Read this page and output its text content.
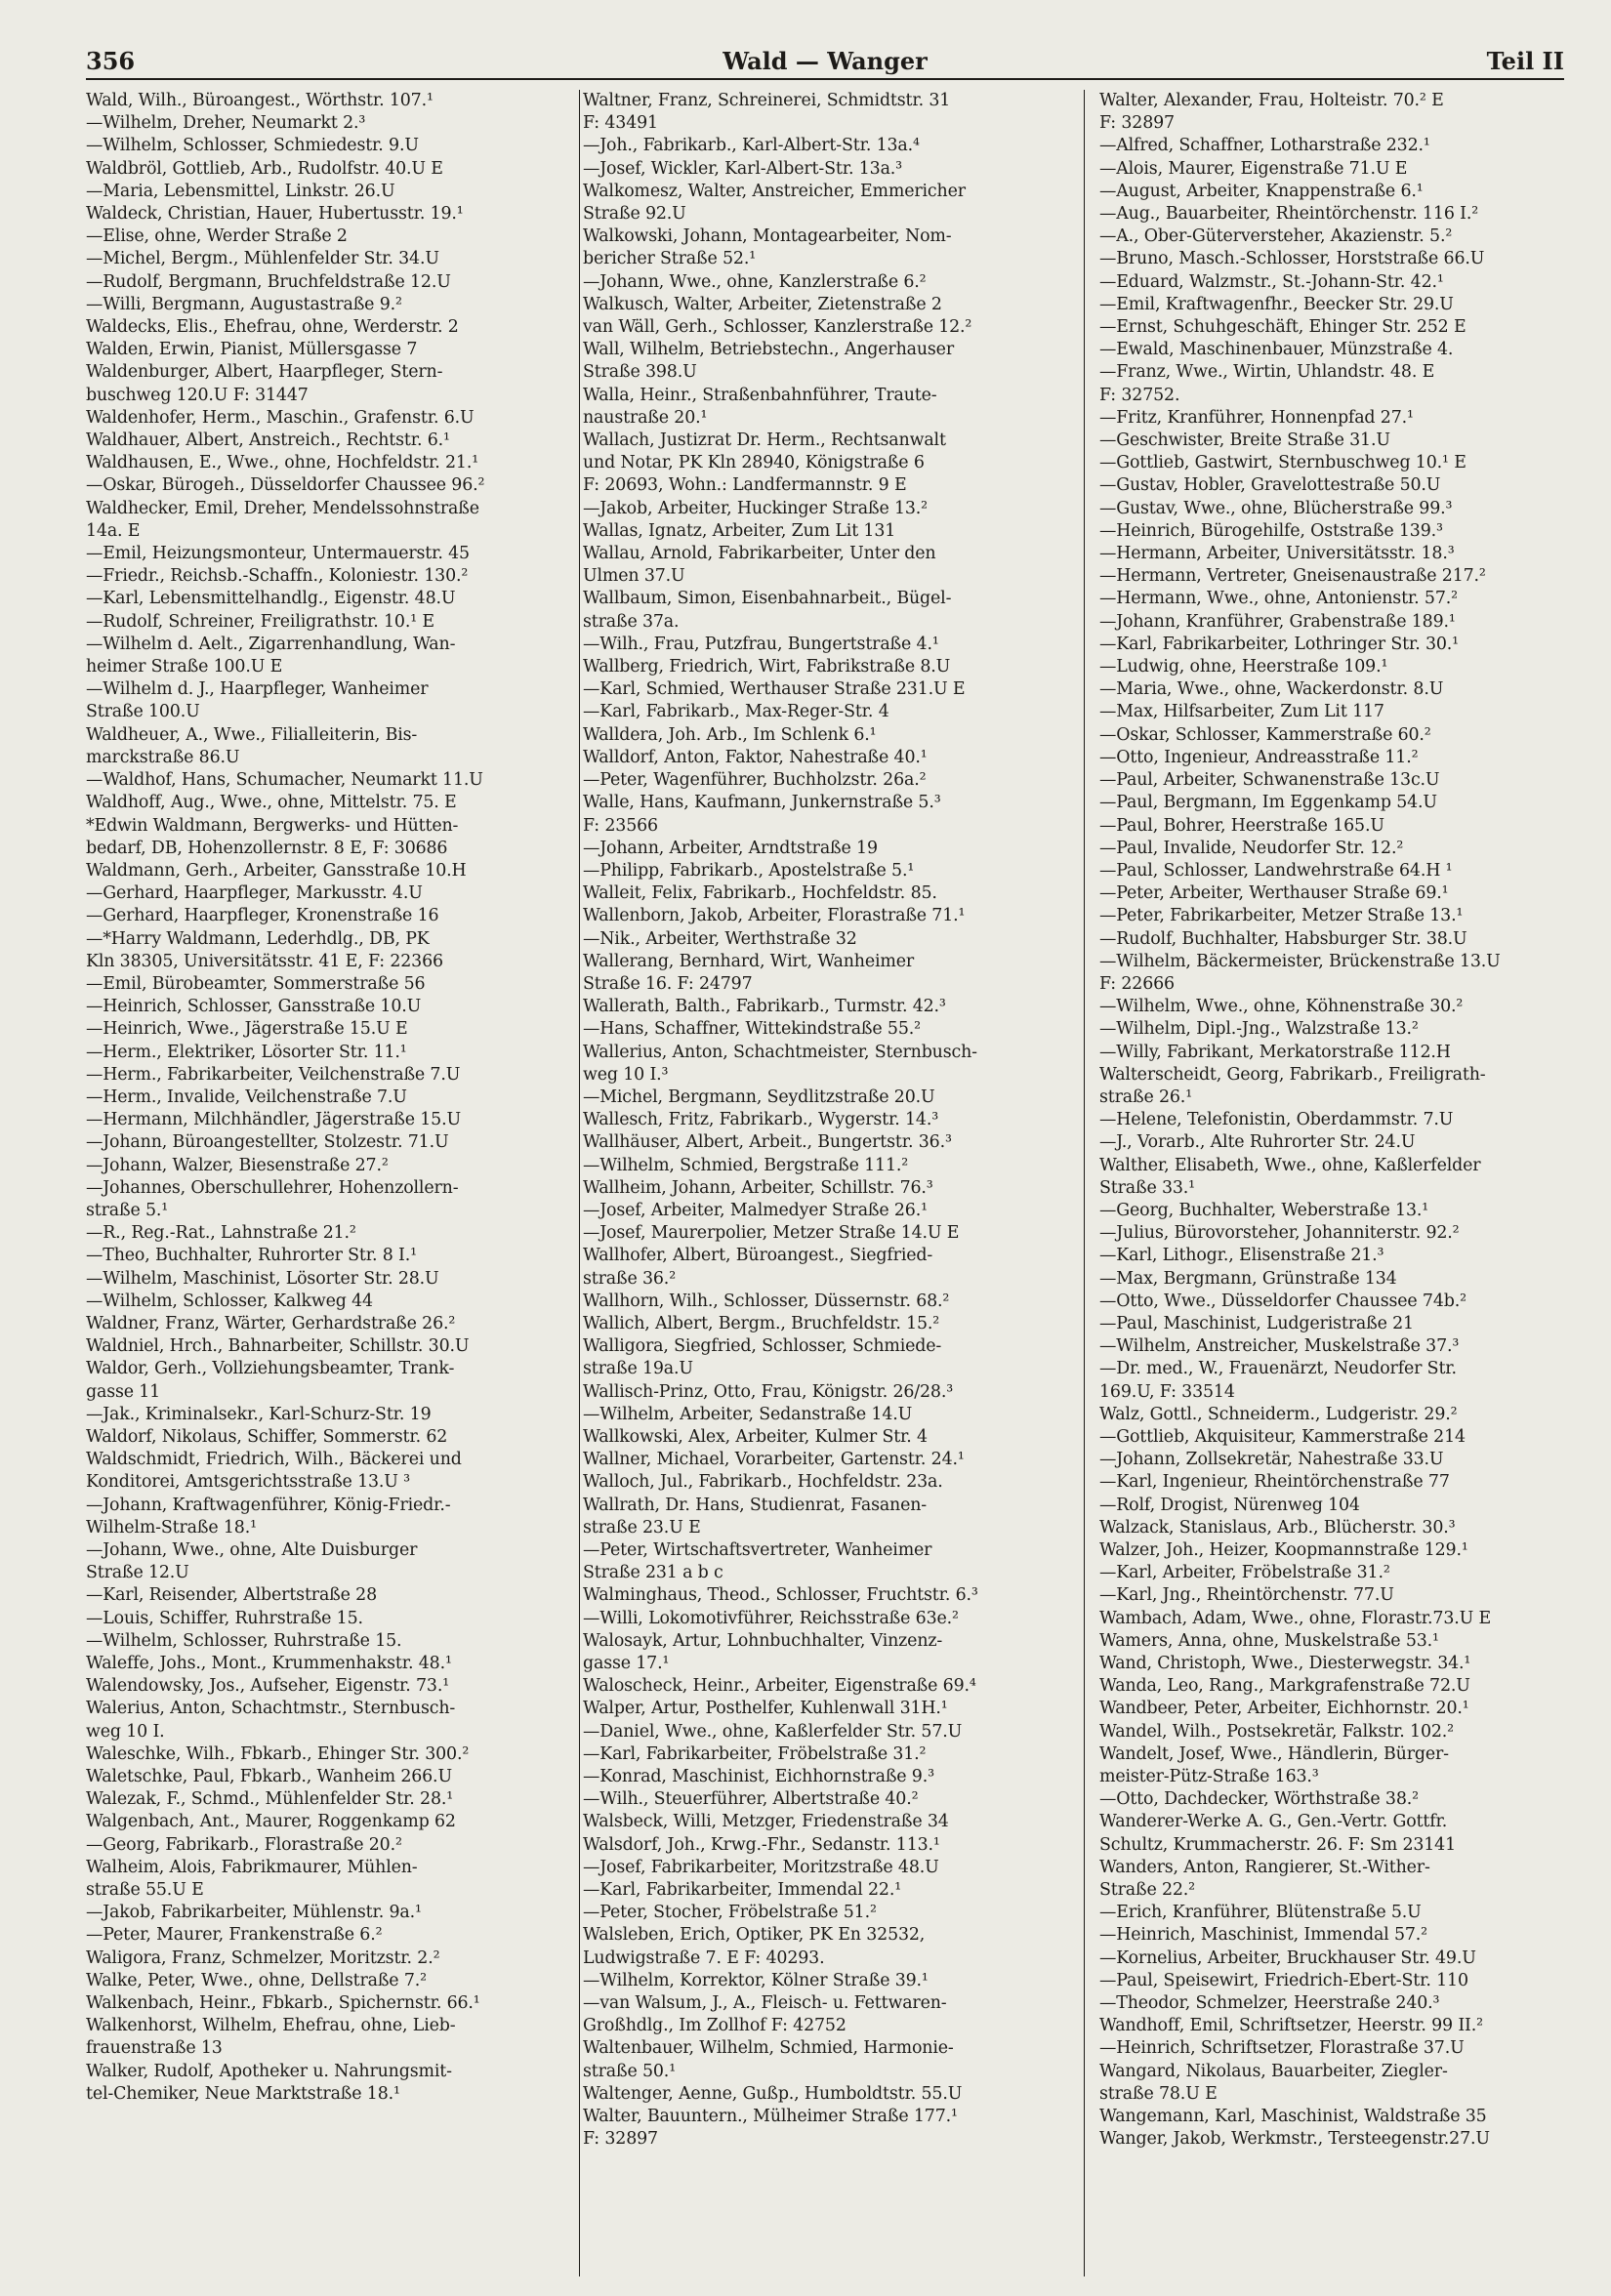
356	Wald — Wanger	Teil II
Wald, Wilh., Büroangest., Wörthstr. 107.¹
—Wilhelm, Dreher, Neumarkt 2.³
—Wilhelm, Schlosser, Schmiedestr. 9.U
Waldbröl, Gottlieb, Arb., Rudolfstr. 40.U E
—Maria, Lebensmittel, Linkstr. 26.U
Waldeck, Christian, Hauer, Hubertusstr. 19.¹
—Elise, ohne, Werder Straße 2
—Michel, Bergm., Mühlenfelder Str. 34.U
—Rudolf, Bergmann, Bruchfeldstraße 12.U
—Willi, Bergmann, Augustastraße 9.²
Waldecks, Elis., Ehefrau, ohne, Werderstr. 2
Walden, Erwin, Pianist, Müllersgasse 7
Waldenburger, Albert, Haarpfleger, Stern-
buschweg 120.U F: 31447
Waldenhofer, Herm., Maschin., Grafenstr. 6.U
Waldhauer, Albert, Anstreich., Rechtstr. 6.¹
Waldhausen, E., Wwe., ohne, Hochfeldstr. 21.¹
—Oskar, Bürogeh., Düsseldorfer Chaussee 96.²
Waldhecker, Emil, Dreher, Mendelssohnstraße
14a. E
—Emil, Heizungsmonteur, Untermauerstr. 45
—Friedr., Reichsb.-Schaffn., Koloniestr. 130.²
—Karl, Lebensmittelhandlg., Eigenstr. 48.U
—Rudolf, Schreiner, Freiligrathstr. 10.¹ E
—Wilhelm d. Aelt., Zigarrenhandlung, Wan-
heimer Straße 100.U E
—Wilhelm d. J., Haarpfleger, Wanheimer
Straße 100.U
Waldheuer, A., Wwe., Filialleiterin, Bis-
marckstraße 86.U
—Waldhof, Hans, Schumacher, Neumarkt 11.U
Waldhoff, Aug., Wwe., ohne, Mittelstr. 75. E
*Edwin Waldmann, Bergwerks- und Hütten-
bedarf, DB, Hohenzollernstr. 8 E, F: 30686
Waldmann, Gerh., Arbeiter, Gansstraße 10.H
—Gerhard, Haarpfleger, Markusstr. 4.U
—Gerhard, Haarpfleger, Kronenstraße 16
—*Harry Waldmann, Lederhdlg., DB, PK
Kln 38305, Universitätsstr. 41 E, F: 22366
—Emil, Bürobeamter, Sommerstraße 56
—Heinrich, Schlosser, Gansstraße 10.U
—Heinrich, Wwe., Jägerstraße 15.U E
—Herm., Elektriker, Lösorter Str. 11.¹
—Herm., Fabrikarbeiter, Veilchenstraße 7.U
—Herm., Invalide, Veilchenstraße 7.U
—Hermann, Milchhändler, Jägerstraße 15.U
—Johann, Büroangestellter, Stolzestr. 71.U
—Johann, Walzer, Biesenstraße 27.²
—Johannes, Oberschullehrer, Hohenzollern-
straße 5.¹
—R., Reg.-Rat., Lahnstraße 21.²
—Theo, Buchhalter, Ruhrorter Str. 8 I.¹
—Wilhelm, Maschinist, Lösorter Str. 28.U
—Wilhelm, Schlosser, Kalkweg 44
Waldner, Franz, Wärter, Gerhardstraße 26.²
Waldniel, Hrch., Bahnarbeiter, Schillstr. 30.U
Waldor, Gerh., Vollziehungsbeamter, Trank-
gasse 11
—Jak., Kriminalsekr., Karl-Schurz-Str. 19
Waldorf, Nikolaus, Schiffer, Sommerstr. 62
Waldschmidt, Friedrich, Wilh., Bäckerei und
Konditorei, Amtsgerichtsstraße 13.U ³
—Johann, Kraftwagenführer, König-Friedr.-
Wilhelm-Straße 18.¹
—Johann, Wwe., ohne, Alte Duisburger
Straße 12.U
—Karl, Reisender, Albertstraße 28
—Louis, Schiffer, Ruhrstraße 15.
—Wilhelm, Schlosser, Ruhrstraße 15.
Waleffe, Johs., Mont., Krummenhakstr. 48.¹
Walendowsky, Jos., Aufseher, Eigenstr. 73.¹
Walerius, Anton, Schachtmstr., Sternbusch-
weg 10 I.
Waleschke, Wilh., Fbkarb., Ehinger Str. 300.²
Waletschke, Paul, Fbkarb., Wanheim 266.U
Walezak, F., Schmd., Mühlenfelder Str. 28.¹
Walgenbach, Ant., Maurer, Roggenkamp 62
—Georg, Fabrikarb., Florastraße 20.²
Walheim, Alois, Fabrikmaurer, Mühlen-
straße 55.U E
—Jakob, Fabrikarbeiter, Mühlenstr. 9a.¹
—Peter, Maurer, Frankenstraße 6.²
Waligora, Franz, Schmelzer, Moritzstr. 2.²
Walke, Peter, Wwe., ohne, Dellstraße 7.²
Walkenbach, Heinr., Fbkarb., Spichernstr. 66.¹
Walkenhorst, Wilhelm, Ehefrau, ohne, Lieb-
frauenstraße 13
Walker, Rudolf, Apotheker u. Nahrungsmit-
tel-Chemiker, Neue Marktstraße 18.¹
Waltner, Franz, Schreinerei, Schmidtstr. 31
F: 43491
—Joh., Fabrikarb., Karl-Albert-Str. 13a.⁴
—Josef, Wickler, Karl-Albert-Str. 13a.³
Walkomesz, Walter, Anstreicher, Emmericher
Straße 92.U
Walkowski, Johann, Montagearbeiter, Nom-
bericher Straße 52.¹
—Johann, Wwe., ohne, Kanzlerstraße 6.²
Walkusch, Walter, Arbeiter, Zietenstraße 2
van Wäll, Gerh., Schlosser, Kanzlerstraße 12.²
Wall, Wilhelm, Betriebstechn., Angerhauser
Straße 398.U
Walla, Heinr., Straßenbahnführer, Traute-
naustraße 20.¹
Wallach, Justizrat Dr. Herm., Rechtsanwalt
und Notar, PK Kln 28940, Königstraße 6
F: 20693, Wohn.: Landfermannstr. 9 E
—Jakob, Arbeiter, Huckinger Straße 13.²
Wallas, Ignatz, Arbeiter, Zum Lit 131
Wallau, Arnold, Fabrikarbeiter, Unter den
Ulmen 37.U
Wallbaum, Simon, Eisenbahnarbeit., Bügel-
straße 37a.
—Wilh., Frau, Putzfrau, Bungertstraße 4.¹
Wallberg, Friedrich, Wirt, Fabrikstraße 8.U
—Karl, Schmied, Werthauser Straße 231.U E
—Karl, Fabrikarb., Max-Reger-Str. 4
Walldera, Joh. Arb., Im Schlenk 6.¹
Walldorf, Anton, Faktor, Nahestraße 40.¹
—Peter, Wagenführer, Buchholzstr. 26a.²
Walle, Hans, Kaufmann, Junkernstraße 5.³
F: 23566
—Johann, Arbeiter, Arndtstraße 19
—Philipp, Fabrikarb., Apostelstraße 5.¹
Walleit, Felix, Fabrikarb., Hochfeldstr. 85.
Wallenborn, Jakob, Arbeiter, Florastraße 71.¹
—Nik., Arbeiter, Werthstraße 32
Wallerang, Bernhard, Wirt, Wanheimer
Straße 16. F: 24797
Wallerath, Balth., Fabrikarb., Turmstr. 42.³
—Hans, Schaffner, Wittekindstraße 55.²
Wallerius, Anton, Schachtmeister, Sternbusch-
weg 10 I.³
—Michel, Bergmann, Seydlitzstraße 20.U
Wallesch, Fritz, Fabrikarb., Wygerstr. 14.³
Wallhäuser, Albert, Arbeit., Bungertstr. 36.³
—Wilhelm, Schmied, Bergstraße 111.²
Wallheim, Johann, Arbeiter, Schillstr. 76.³
—Josef, Arbeiter, Malmedyer Straße 26.¹
—Josef, Maurerpolier, Metzer Straße 14.U E
Wallhofer, Albert, Büroangest., Siegfried-
straße 36.²
Wallhorn, Wilh., Schlosser, Düssernstr. 68.²
Wallich, Albert, Bergm., Bruchfeldstr. 15.²
Walligora, Siegfried, Schlosser, Schmiede-
straße 19a.U
Wallisch-Prinz, Otto, Frau, Königstr. 26/28.³
—Wilhelm, Arbeiter, Sedanstraße 14.U
Wallkowski, Alex, Arbeiter, Kulmer Str. 4
Wallner, Michael, Vorarbeiter, Gartenstr. 24.¹
Walloch, Jul., Fabrikarb., Hochfeldstr. 23a.
Wallrath, Dr. Hans, Studienrat, Fasanen-
straße 23.U E
—Peter, Wirtschaftsvertreter, Wanheimer
Straße 231 a b c
Walminghaus, Theod., Schlosser, Fruchtstr. 6.³
—Willi, Lokomotivführer, Reichsstraße 63e.²
Walosayk, Artur, Lohnbuchhalter, Vinzenz-
gasse 17.¹
Waloscheck, Heinr., Arbeiter, Eigenstraße 69.⁴
Walper, Artur, Posthelfer, Kuhlenwall 31H.¹
—Daniel, Wwe., ohne, Kaßlerfelder Str. 57.U
—Karl, Fabrikarbeiter, Fröbelstraße 31.²
—Konrad, Maschinist, Eichhornstraße 9.³
—Wilh., Steuerführer, Albertstraße 40.²
Walsbeck, Willi, Metzger, Friedenstraße 34
Walsdorf, Joh., Krwg.-Fhr., Sedanstr. 113.¹
—Josef, Fabrikarbeiter, Moritzstraße 48.U
—Karl, Fabrikarbeiter, Immendal 22.¹
—Peter, Stocher, Fröbelstraße 51.²
Walsleben, Erich, Optiker, PK En 32532,
Ludwigstraße 7. E F: 40293.
—Wilhelm, Korrektor, Kölner Straße 39.¹
—van Walsum, J., A., Fleisch- u. Fettwaren-
Großhdlg., Im Zollhof F: 42752
Waltenbauer, Wilhelm, Schmied, Harmonie-
straße 50.¹
Waltenger, Aenne, Gußp., Humboldtstr. 55.U
Walter, Bauuntern., Mülheimer Straße 177.¹
F: 32897
Walter, Alexander, Frau, Holteistr. 70.² E
F: 32897
—Alfred, Schaffner, Lotharstraße 232.¹
—Alois, Maurer, Eigenstraße 71.U E
—August, Arbeiter, Knappenstraße 6.¹
—Aug., Bauarbeiter, Rheintörchenstr. 116 I.²
—A., Ober-Güterversteher, Akazienstr. 5.²
—Bruno, Masch.-Schlosser, Horststraße 66.U
—Eduard, Walzmstr., St.-Johann-Str. 42.¹
—Emil, Kraftwagenfhr., Beecker Str. 29.U
—Ernst, Schuhgeschäft, Ehinger Str. 252 E
—Ewald, Maschinenbauer, Münzstraße 4.
—Franz, Wwe., Wirtin, Uhlandstr. 48. E
F: 32752.
—Fritz, Kranführer, Honnenpfad 27.¹
—Geschwister, Breite Straße 31.U
—Gottlieb, Gastwirt, Sternbuschweg 10.¹ E
—Gustav, Hobler, Gravelottestraße 50.U
—Gustav, Wwe., ohne, Blücherstraße 99.³
—Heinrich, Bürogehilfe, Oststraße 139.³
—Hermann, Arbeiter, Universitätsstr. 18.³
—Hermann, Vertreter, Gneisenaustraße 217.²
—Hermann, Wwe., ohne, Antonienstr. 57.²
—Johann, Kranführer, Grabenstraße 189.¹
—Karl, Fabrikarbeiter, Lothringer Str. 30.¹
—Ludwig, ohne, Heerstraße 109.¹
—Maria, Wwe., ohne, Wackerdonstr. 8.U
—Max, Hilfsarbeiter, Zum Lit 117
—Oskar, Schlosser, Kammerstraße 60.²
—Otto, Ingenieur, Andreasstraße 11.²
—Paul, Arbeiter, Schwanenstraße 13c.U
—Paul, Bergmann, Im Eggenkamp 54.U
—Paul, Bohrer, Heerstraße 165.U
—Paul, Invalide, Neudorfer Str. 12.²
—Paul, Schlosser, Landwehrstraße 64.H ¹
—Peter, Arbeiter, Werthauser Straße 69.¹
—Peter, Fabrikarbeiter, Metzer Straße 13.¹
—Rudolf, Buchhalter, Habsburger Str. 38.U
—Wilhelm, Bäckermeister, Brückenstraße 13.U
F: 22666
—Wilhelm, Wwe., ohne, Köhnenstraße 30.²
—Wilhelm, Dipl.-Jng., Walzstraße 13.²
—Willy, Fabrikant, Merkatorstraße 112.H
Walterscheidt, Georg, Fabrikarb., Freiligrath-
straße 26.¹
—Helene, Telefonistin, Oberdammstr. 7.U
—J., Vorarb., Alte Ruhrorter Str. 24.U
Walther, Elisabeth, Wwe., ohne, Kaßlerfelder
Straße 33.¹
—Georg, Buchhalter, Weberstraße 13.¹
—Julius, Bürovorsteher, Johanniterstr. 92.²
—Karl, Lithogr., Elisenstraße 21.³
—Max, Bergmann, Grünstraße 134
—Otto, Wwe., Düsseldorfer Chaussee 74b.²
—Paul, Maschinist, Ludgeristraße 21
—Wilhelm, Anstreicher, Muskelstraße 37.³
—Dr. med., W., Frauenärzt, Neudorfer Str.
169.U, F: 33514
Walz, Gottl., Schneiderm., Ludgeristr. 29.²
—Gottlieb, Akquisiteur, Kammerstraße 214
—Johann, Zollsekretär, Nahestraße 33.U
—Karl, Ingenieur, Rheintörchenstraße 77
—Rolf, Drogist, Nürenweg 104
Walzack, Stanislaus, Arb., Blücherstr. 30.³
Walzer, Joh., Heizer, Koopmannstraße 129.¹
—Karl, Arbeiter, Fröbelstraße 31.²
—Karl, Jng., Rheintörchenstr. 77.U
Wambach, Adam, Wwe., ohne, Florastr.73.U E
Wamers, Anna, ohne, Muskelstraße 53.¹
Wand, Christoph, Wwe., Diesterwegstr. 34.¹
Wanda, Leo, Rang., Markgrafenstraße 72.U
Wandbeer, Peter, Arbeiter, Eichhornstr. 20.¹
Wandel, Wilh., Postsekretär, Falkstr. 102.²
Wandelt, Josef, Wwe., Händlerin, Bürger-
meister-Pütz-Straße 163.³
—Otto, Dachdecker, Wörthstraße 38.²
Wanderer-Werke A. G., Gen.-Vertr. Gottfr.
Schultz, Krummacherstr. 26. F: Sm 23141
Wanders, Anton, Rangierer, St.-Wither-
Straße 22.²
—Erich, Kranführer, Blütenstraße 5.U
—Heinrich, Maschinist, Immendal 57.²
—Kornelius, Arbeiter, Bruckhauser Str. 49.U
—Paul, Speisewirt, Friedrich-Ebert-Str. 110
—Theodor, Schmelzer, Heerstraße 240.³
Wandhoff, Emil, Schriftsetzer, Heerstr. 99 II.²
—Heinrich, Schriftsetzer, Florastraße 37.U
Wangard, Nikolaus, Bauarbeiter, Ziegler-
straße 78.U E
Wangemann, Karl, Maschinist, Waldstraße 35
Wanger, Jakob, Werkmstr., Tersteegenstr.27.U
